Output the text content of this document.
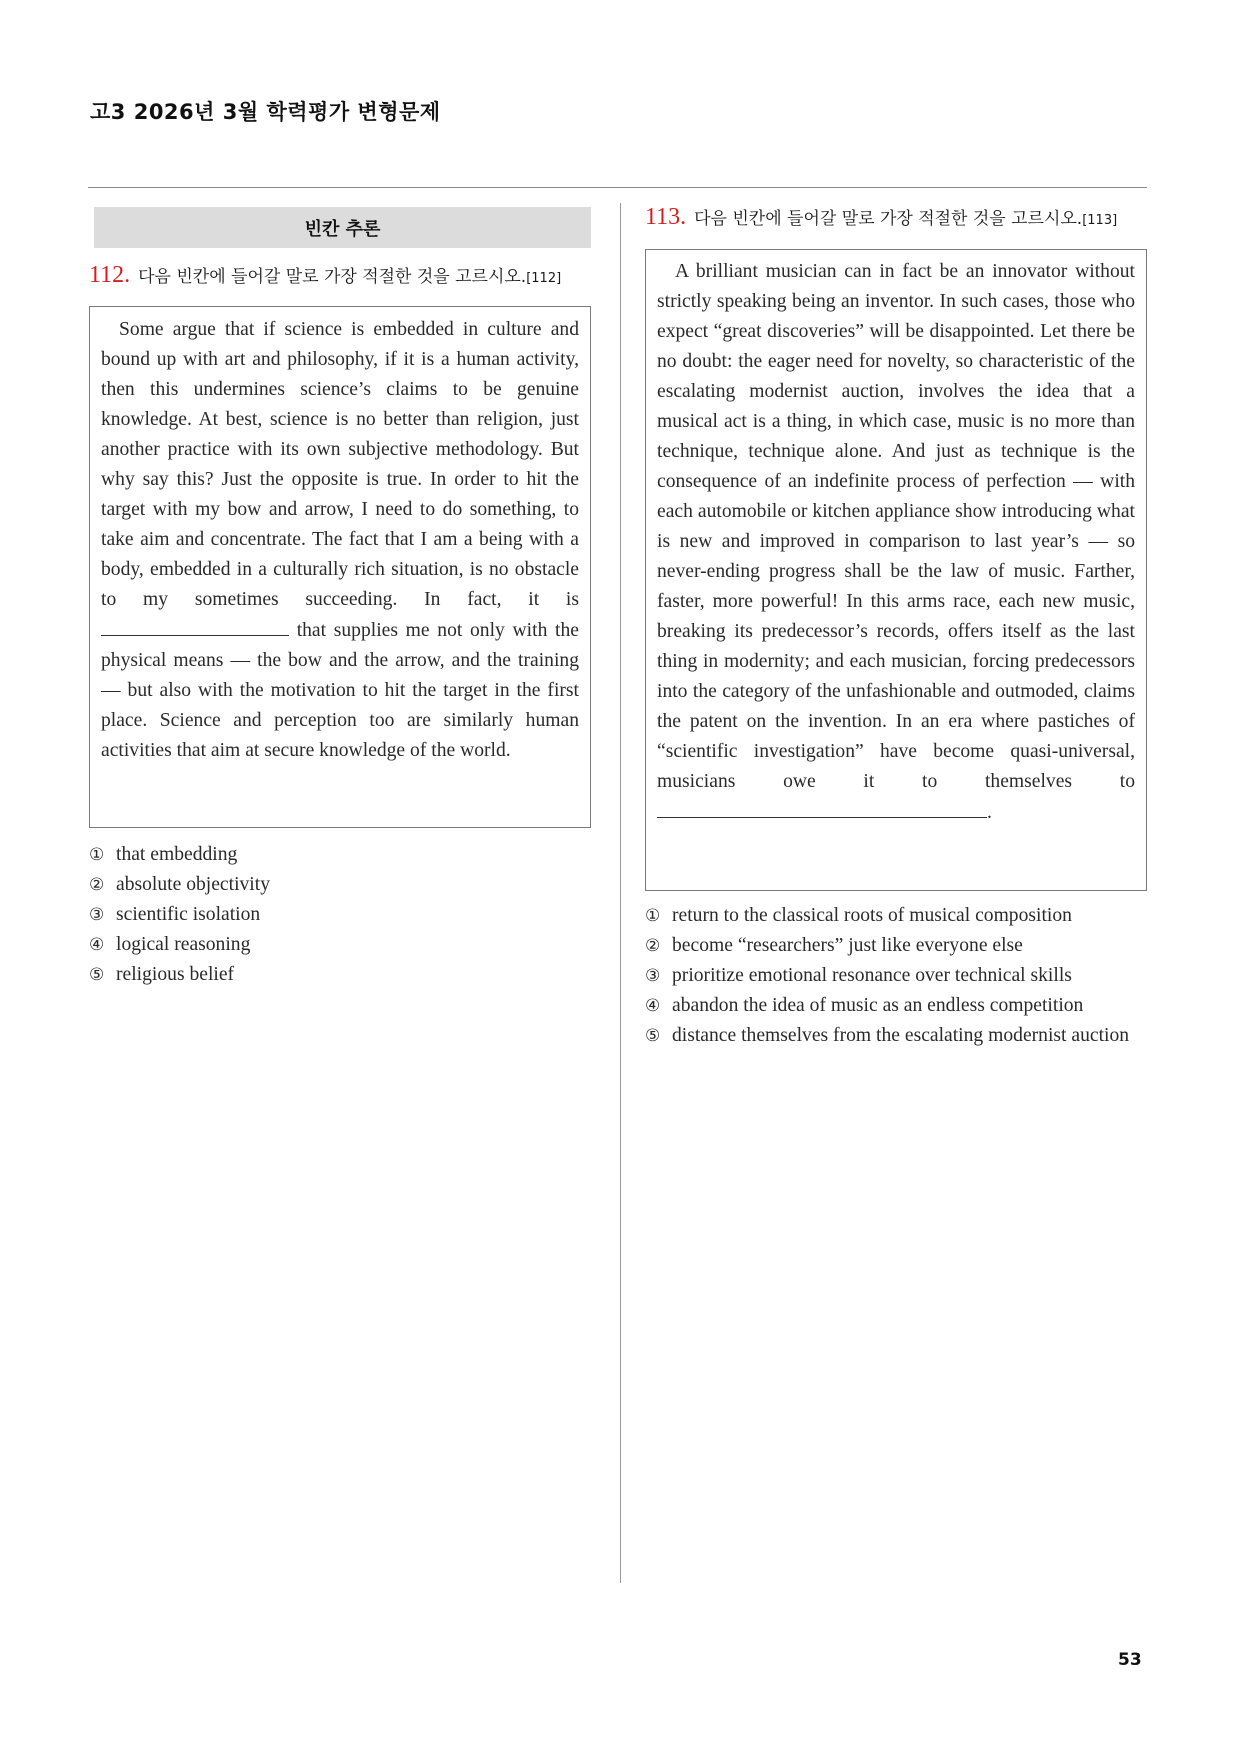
고3 2026년 3월 학력평가 변형문제
빈칸 추론
112. 다음 빈칸에 들어갈 말로 가장 적절한 것을 고르시오.[112]

Some argue that if science is embedded in culture and bound up with art and philosophy, if it is a human activity, then this undermines science’s claims to be genuine knowledge. At best, science is no better than religion, just another practice with its own subjective methodology. But why say this? Just the opposite is true. In order to hit the target with my bow and arrow, I need to do something, to take aim and concentrate. The fact that I am a being with a body, embedded in a culturally rich situation, is no obstacle to my sometimes succeeding. In fact, it is  that supplies me not only with the physical means — the bow and the arrow, and the training — but also with the motivation to hit the target in the first place. Science and perception too are similarly human activities that aim at secure knowledge of the world.

① that embedding
② absolute objectivity
③ scientific isolation
④ logical reasoning
⑤ religious belief
113. 다음 빈칸에 들어갈 말로 가장 적절한 것을 고르시오.[113]

A brilliant musician can in fact be an innovator without strictly speaking being an inventor. In such cases, those who expect “great discoveries” will be disappointed. Let there be no doubt: the eager need for novelty, so characteristic of the escalating modernist auction, involves the idea that a musical act is a thing, in which case, music is no more than technique, technique alone. And just as technique is the consequence of an indefinite process of perfection — with each automobile or kitchen appliance show introducing what is new and improved in comparison to last year’s — so never-ending progress shall be the law of music. Farther, faster, more powerful! In this arms race, each new music, breaking its predecessor’s records, offers itself as the last thing in modernity; and each musician, forcing predecessors into the category of the unfashionable and outmoded, claims the patent on the invention. In an era where pastiches of “scientific investigation” have become quasi-universal, musicians owe it to themselves to .

① return to the classical roots of musical composition
② become “researchers” just like everyone else
③ prioritize emotional resonance over technical skills
④ abandon the idea of music as an endless competition
⑤ distance themselves from the escalating modernist auction
53
